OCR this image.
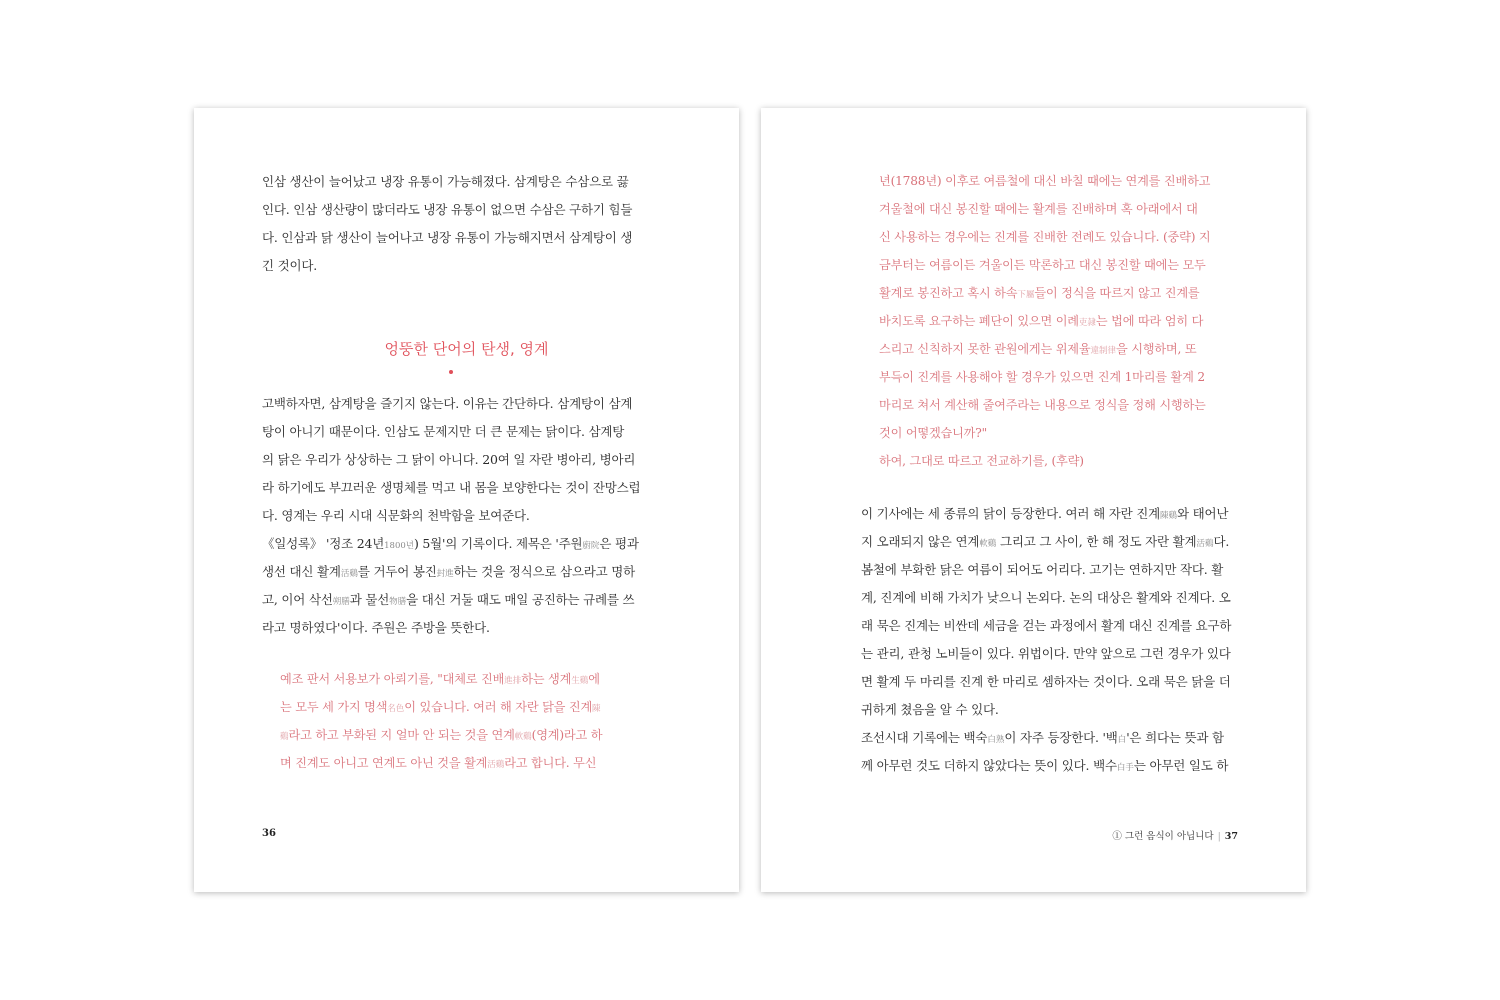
인삼 생산이 늘어났고 냉장 유통이 가능해졌다. 삼계탕은 수삼으로 끓
인다. 인삼 생산량이 많더라도 냉장 유통이 없으면 수삼은 구하기 힘들
다. 인삼과 닭 생산이 늘어나고 냉장 유통이 가능해지면서 삼계탕이 생
긴 것이다.
엉뚱한 단어의 탄생, 영계
고백하자면, 삼계탕을 즐기지 않는다. 이유는 간단하다. 삼계탕이 삼계
탕이 아니기 때문이다. 인삼도 문제지만 더 큰 문제는 닭이다. 삼계탕
의 닭은 우리가 상상하는 그 닭이 아니다. 20여 일 자란 병아리, 병아리
라 하기에도 부끄러운 생명체를 먹고 내 몸을 보양한다는 것이 잔망스럽
다. 영계는 우리 시대 식문화의 천박함을 보여준다.
《일성록》 '정조 24년1800년) 5월'의 기록이다. 제목은 '주원廚院은 평과
생선 대신 활계活鷄를 거두어 봉진封進하는 것을 정식으로 삼으라고 명하
고, 이어 삭선朔膳과 물선物膳을 대신 거둘 때도 매일 공진하는 규례를 쓰
라고 명하였다'이다. 주원은 주방을 뜻한다.
예조 판서 서용보가 아뢰기를, "대체로 진배進排하는 생계生鷄에
는 모두 세 가지 명색名色이 있습니다. 여러 해 자란 닭을 진계陳
鷄라고 하고 부화된 지 얼마 안 되는 것을 연계軟鷄(영계)라고 하
며 진계도 아니고 연계도 아닌 것을 활계活鷄라고 합니다. 무신
36
년(1788년) 이후로 여름철에 대신 바칠 때에는 연계를 진배하고
겨울철에 대신 봉진할 때에는 활계를 진배하며 혹 아래에서 대
신 사용하는 경우에는 진계를 진배한 전례도 있습니다. (중략) 지
금부터는 여름이든 겨울이든 막론하고 대신 봉진할 때에는 모두
활계로 봉진하고 혹시 하속下屬들이 정식을 따르지 않고 진계를
바치도록 요구하는 폐단이 있으면 이례吏隷는 법에 따라 엄히 다
스리고 신칙하지 못한 관원에게는 위제율違制律을 시행하며, 또
부득이 진계를 사용해야 할 경우가 있으면 진계 1마리를 활계 2
마리로 쳐서 계산해 줄여주라는 내용으로 정식을 정해 시행하는
것이 어떻겠습니까?"
하여, 그대로 따르고 전교하기를, (후략)
이 기사에는 세 종류의 닭이 등장한다. 여러 해 자란 진계陳鷄와 태어난
지 오래되지 않은 연계軟鷄 그리고 그 사이, 한 해 정도 자란 활계活鷄다.
봄철에 부화한 닭은 여름이 되어도 어리다. 고기는 연하지만 작다. 활
계, 진계에 비해 가치가 낮으니 논외다. 논의 대상은 활계와 진계다. 오
래 묵은 진계는 비싼데 세금을 걷는 과정에서 활계 대신 진계를 요구하
는 관리, 관청 노비들이 있다. 위법이다. 만약 앞으로 그런 경우가 있다
면 활계 두 마리를 진계 한 마리로 셈하자는 것이다. 오래 묵은 닭을 더
귀하게 쳤음을 알 수 있다.
조선시대 기록에는 백숙白熟이 자주 등장한다. '백白'은 희다는 뜻과 함
께 아무런 것도 더하지 않았다는 뜻이 있다. 백수白手는 아무런 일도 하
① 그런 음식이 아닙니다 | 37
